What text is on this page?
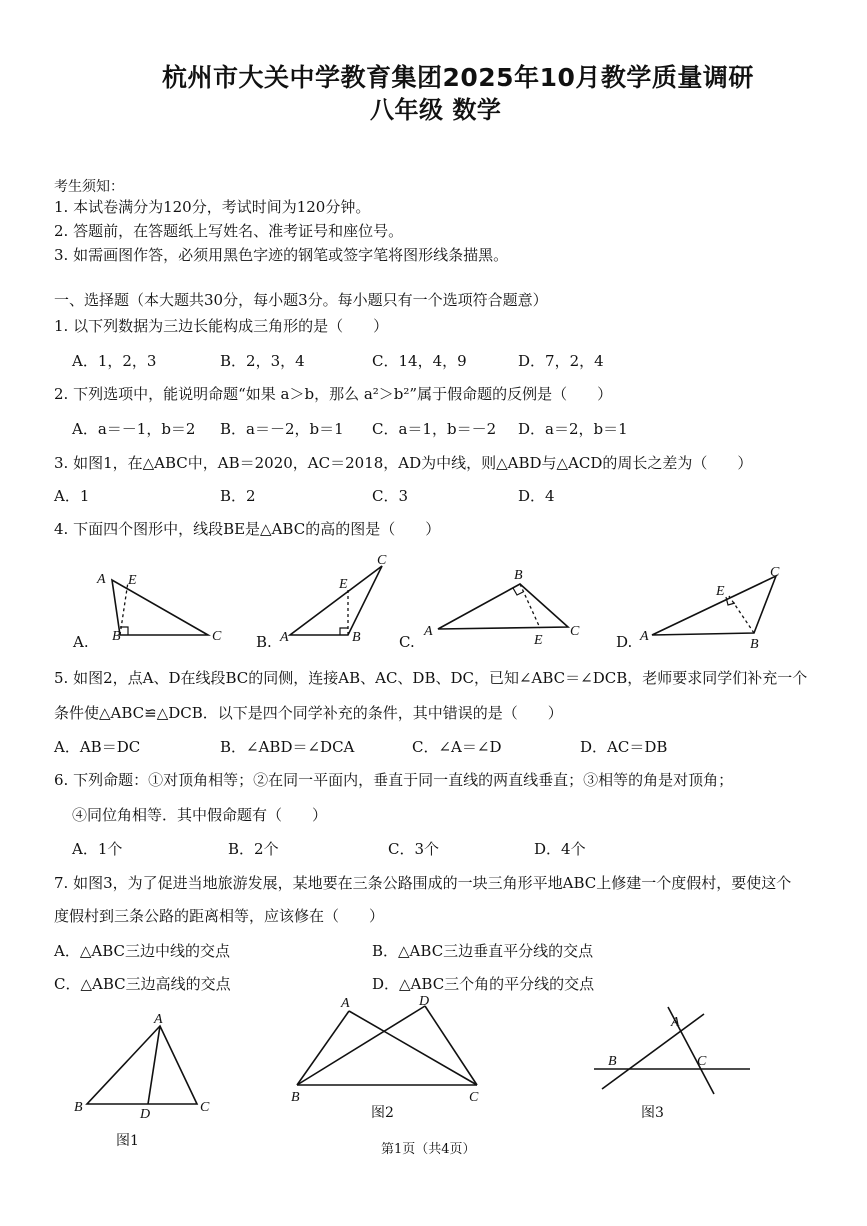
杭州市大关中学教育集团2025年10月教学质量调研
八年级 数学
考生须知：
1. 本试卷满分为120分，考试时间为120分钟。
2. 答题前，在答题纸上写姓名、准考证号和座位号。
3. 如需画图作答，必须用黑色字迹的钢笔或签字笔将图形线条描黑。
一、选择题（本大题共30分，每小题3分。每小题只有一个选项符合题意）
1. 以下列数据为三边长能构成三角形的是（　　）
A．1，2，3	B．2，3，4	C．14，4，9	D．7，2，4
2. 下列选项中，能说明命题“如果 a＞b，那么 a²＞b²”属于假命题的反例是（　　）
A．a＝－1，b＝2 B．a＝－2，b＝1 C．a＝1，b＝－2 D．a＝2，b＝1
3. 如图1，在△ABC中，AB＝2020，AC＝2018，AD为中线，则△ABD与△ACD的周长之差为（　　）
A．1	B．2	C．3	D．4
4. 下面四个图形中，线段BE是△ABC的高的图是（　　）
A.
A E
B	C B. A	B
E
C
C.
A
B
E
C
D. A
E
B
C
5. 如图2，点A、D在线段BC的同侧，连接AB、AC、DB、DC，已知∠ABC＝∠DCB，老师要求同学们补充一个
条件使△ABC≌△DCB．以下是四个同学补充的条件，其中错误的是（　　）
A．AB＝DC	B．∠ABD＝∠DCA	C．∠A＝∠D	D．AC＝DB
6. 下列命题：①对顶角相等；②在同一平面内，垂直于同一直线的两直线垂直；③相等的角是对顶角；
④同位角相等．其中假命题有（　　）
A．1个	B．2个	C．3个	D．4个
7. 如图3，为了促进当地旅游发展，某地要在三条公路围成的一块三角形平地ABC上修建一个度假村，要使这个
度假村到三条公路的距离相等，应该修在（　　）
A．△ABC三边中线的交点	B．△ABC三边垂直平分线的交点
C．△ABC三边高线的交点	D．△ABC三个角的平分线的交点
A
B	C
D
图1
A
B	C
D
图2
A
B	C
图3
第1页（共4页）
